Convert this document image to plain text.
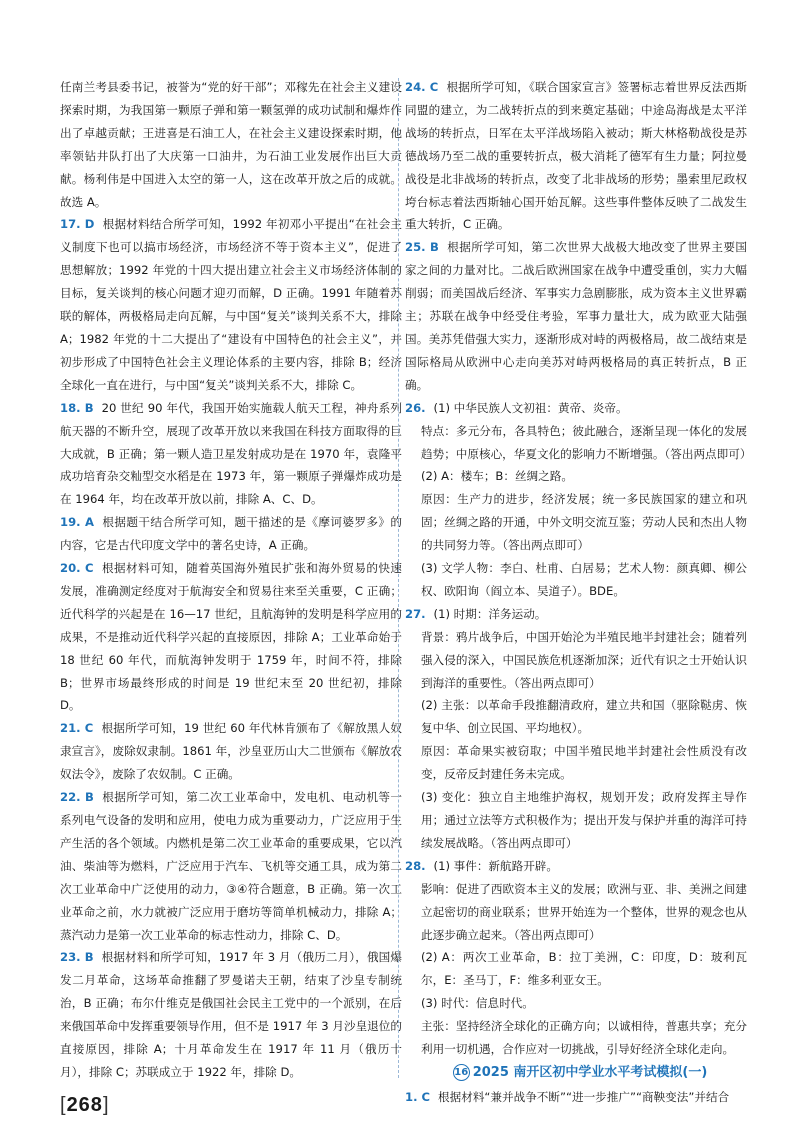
任南兰考县委书记，被誉为“党的好干部”；邓稼先在社会主义建设探索时期，为我国第一颗原子弹和第一颗氢弹的成功试制和爆炸作出了卓越贡献；王进喜是石油工人，在社会主义建设探索时期，他率领钻井队打出了大庆第一口油井，为石油工业发展作出巨大贡献。杨利伟是中国进入太空的第一人，这在改革开放之后的成就。故选 A。
17. D 根据材料结合所学可知，1992 年初邓小平提出“在社会主义制度下也可以搞市场经济，市场经济不等于资本主义”，促进了思想解放；1992 年党的十四大提出建立社会主义市场经济体制的目标，复关谈判的核心问题才迎刃而解，D 正确。1991 年随着苏联的解体，两极格局走向瓦解，与中国“复关”谈判关系不大，排除 A；1982 年党的十二大提出了“建设有中国特色的社会主义”，并初步形成了中国特色社会主义理论体系的主要内容，排除 B；经济全球化一直在进行，与中国“复关”谈判关系不大，排除 C。
18. B 20 世纪 90 年代，我国开始实施载人航天工程，神舟系列航天器的不断升空，展现了改革开放以来我国在科技方面取得的巨大成就，B 正确；第一颗人造卫星发射成功是在 1970 年，袁隆平成功培育杂交籼型交水稻是在 1973 年，第一颗原子弹爆炸成功是在 1964 年，均在改革开放以前，排除 A、C、D。
19. A 根据题干结合所学可知，题干描述的是《摩诃婆罗多》的内容，它是古代印度文学中的著名史诗，A 正确。
20. C 根据材料可知，随着英国海外殖民扩张和海外贸易的快速发展，准确测定经度对于航海安全和贸易往来至关重要，C 正确；近代科学的兴起是在 16—17 世纪，且航海钟的发明是科学应用的成果，不是推动近代科学兴起的直接原因，排除 A；工业革命始于 18 世纪 60 年代，而航海钟发明于 1759 年，时间不符，排除 B；世界市场最终形成的时间是 19 世纪末至 20 世纪初，排除 D。
21. C 根据所学可知，19 世纪 60 年代林肯颁布了《解放黑人奴隶宣言》，废除奴隶制。1861 年，沙皇亚历山大二世颁布《解放农奴法令》，废除了农奴制。C 正确。
22. B 根据所学可知，第二次工业革命中，发电机、电动机等一系列电气设备的发明和应用，使电力成为重要动力，广泛应用于生产生活的各个领域。内燃机是第二次工业革命的重要成果，它以汽油、柴油等为燃料，广泛应用于汽车、飞机等交通工具，成为第二次工业革命中广泛使用的动力，③④符合题意，B 正确。第一次工业革命之前，水力就被广泛应用于磨坊等简单机械动力，排除 A；蒸汽动力是第一次工业革命的标志性动力，排除 C、D。
23. B 根据材料和所学可知，1917 年 3 月（俄历二月），俄国爆发二月革命，这场革命推翻了罗曼诺夫王朝，结束了沙皇专制统治，B 正确；布尔什维克是俄国社会民主工党中的一个派别，在后来俄国革命中发挥重要领导作用，但不是 1917 年 3 月沙皇退位的直接原因，排除 A；十月革命发生在 1917 年 11 月（俄历十月），排除 C；苏联成立于 1922 年，排除 D。
24. C 根据所学可知，《联合国家宣言》签署标志着世界反法西斯同盟的建立，为二战转折点的到来奠定基础；中途岛海战是太平洋战场的转折点，日军在太平洋战场陷入被动；斯大林格勒战役是苏德战场乃至二战的重要转折点，极大消耗了德军有生力量；阿拉曼战役是北非战场的转折点，改变了北非战场的形势；墨索里尼政权垮台标志着法西斯轴心国开始瓦解。这些事件整体反映了二战发生重大转折，C 正确。
25. B 根据所学可知，第二次世界大战极大地改变了世界主要国家之间的力量对比。二战后欧洲国家在战争中遭受重创，实力大幅削弱；而美国战后经济、军事实力急剧膨胀，成为资本主义世界霸主；苏联在战争中经受住考验，军事力量壮大，成为欧亚大陆强国。美苏凭借强大实力，逐渐形成对峙的两极格局，故二战结束是国际格局从欧洲中心走向美苏对峙两极格局的真正转折点，B 正确。
26. (1) 中华民族人文初祖：黄帝、炎帝。
特点：多元分布，各具特色；彼此融合，逐渐呈现一体化的发展趋势；中原核心，华夏文化的影响力不断增强。（答出两点即可）
(2) A：楼车；B：丝绸之路。
原因：生产力的进步，经济发展；统一多民族国家的建立和巩固；丝绸之路的开通，中外文明交流互鉴；劳动人民和杰出人物的共同努力等。（答出两点即可）
(3) 文学人物：李白、杜甫、白居易；艺术人物：颜真卿、柳公权、欧阳询（阎立本、吴道子）。BDE。
27. (1) 时期：洋务运动。
背景：鸦片战争后，中国开始沦为半殖民地半封建社会；随着列强入侵的深入，中国民族危机逐渐加深；近代有识之士开始认识到海洋的重要性。（答出两点即可）
(2) 主张：以革命手段推翻清政府，建立共和国（驱除鞑虏、恢复中华、创立民国、平均地权）。
原因：革命果实被窃取；中国半殖民地半封建社会性质没有改变，反帝反封建任务未完成。
(3) 变化：独立自主地维护海权，规划开发；政府发挥主导作用；通过立法等方式积极作为；提出开发与保护并重的海洋可持续发展战略。（答出两点即可）
28. (1) 事件：新航路开辟。
影响：促进了西欧资本主义的发展；欧洲与亚、非、美洲之间建立起密切的商业联系；世界开始连为一个整体，世界的观念也从此逐步确立起来。（答出两点即可）
(2) A：两次工业革命，B：拉丁美洲，C：印度，D：玻利瓦尔，E：圣马丁，F：维多利亚女王。
(3) 时代：信息时代。
主张：坚持经济全球化的正确方向；以诚相待，普惠共享；充分利用一切机遇，合作应对一切挑战，引导好经济全球化走向。
16 2025 南开区初中学业水平考试模拟(一)
1. C 根据材料“兼并战争不断”“进一步推广”“商鞅变法”并结合
[268]
